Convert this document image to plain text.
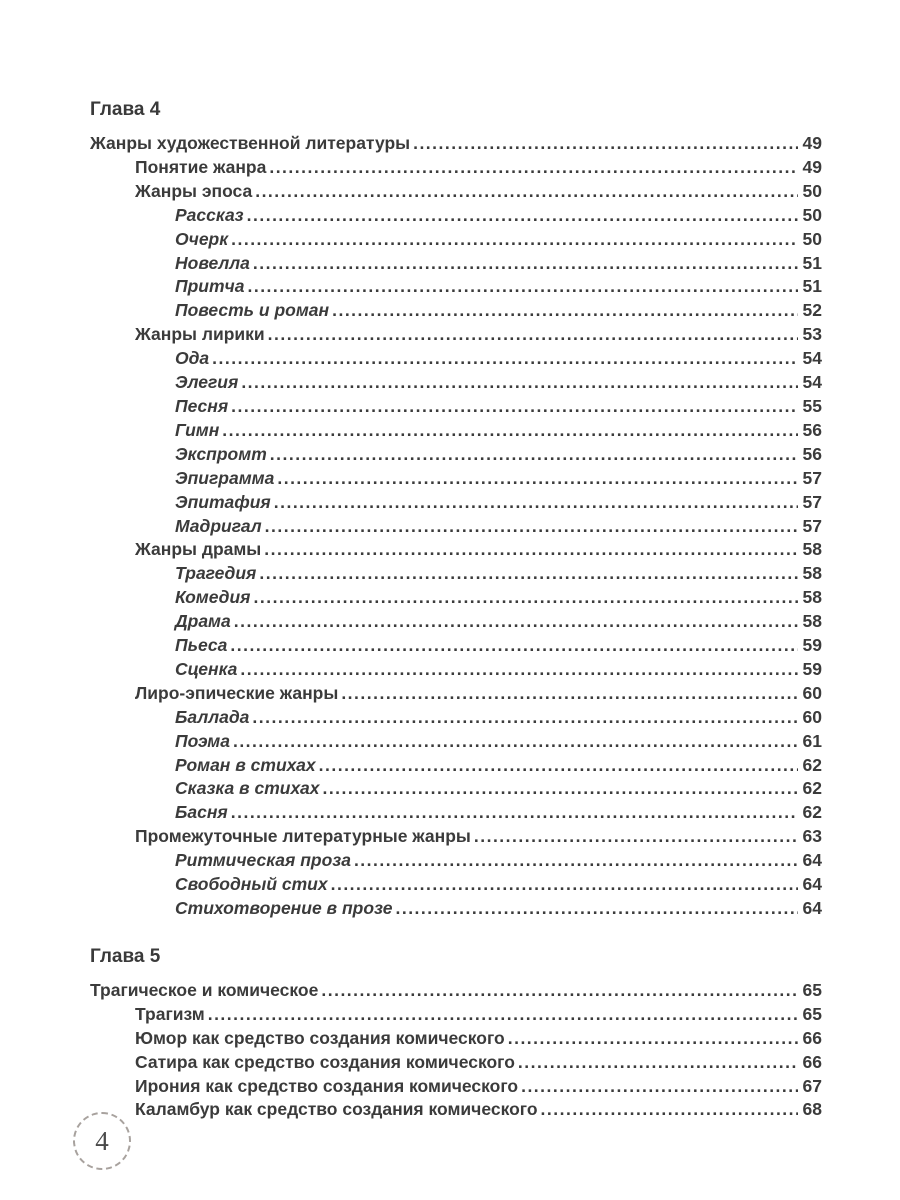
Глава 4
Жанры художественной литературы .....	49
Понятие жанра .....	49
Жанры эпоса .....	50
Рассказ .....	50
Очерк .....	50
Новелла .....	51
Притча .....	51
Повесть и роман .....	52
Жанры лирики .....	53
Ода .....	54
Элегия .....	54
Песня .....	55
Гимн .....	56
Экспромт .....	56
Эпиграмма .....	57
Эпитафия .....	57
Мадригал .....	57
Жанры драмы .....	58
Трагедия .....	58
Комедия .....	58
Драма .....	58
Пьеса .....	59
Сценка .....	59
Лиро-эпические жанры .....	60
Баллада .....	60
Поэма .....	61
Роман в стихах .....	62
Сказка в стихах .....	62
Басня .....	62
Промежуточные литературные жанры .....	63
Ритмическая проза .....	64
Свободный стих .....	64
Стихотворение в прозе .....	64
Глава 5
Трагическое и комическое .....	65
Трагизм .....	65
Юмор как средство создания комического .....	66
Сатира как средство создания комического .....	66
Ирония как средство создания комического .....	67
Каламбур как средство создания комического .....	68
4
